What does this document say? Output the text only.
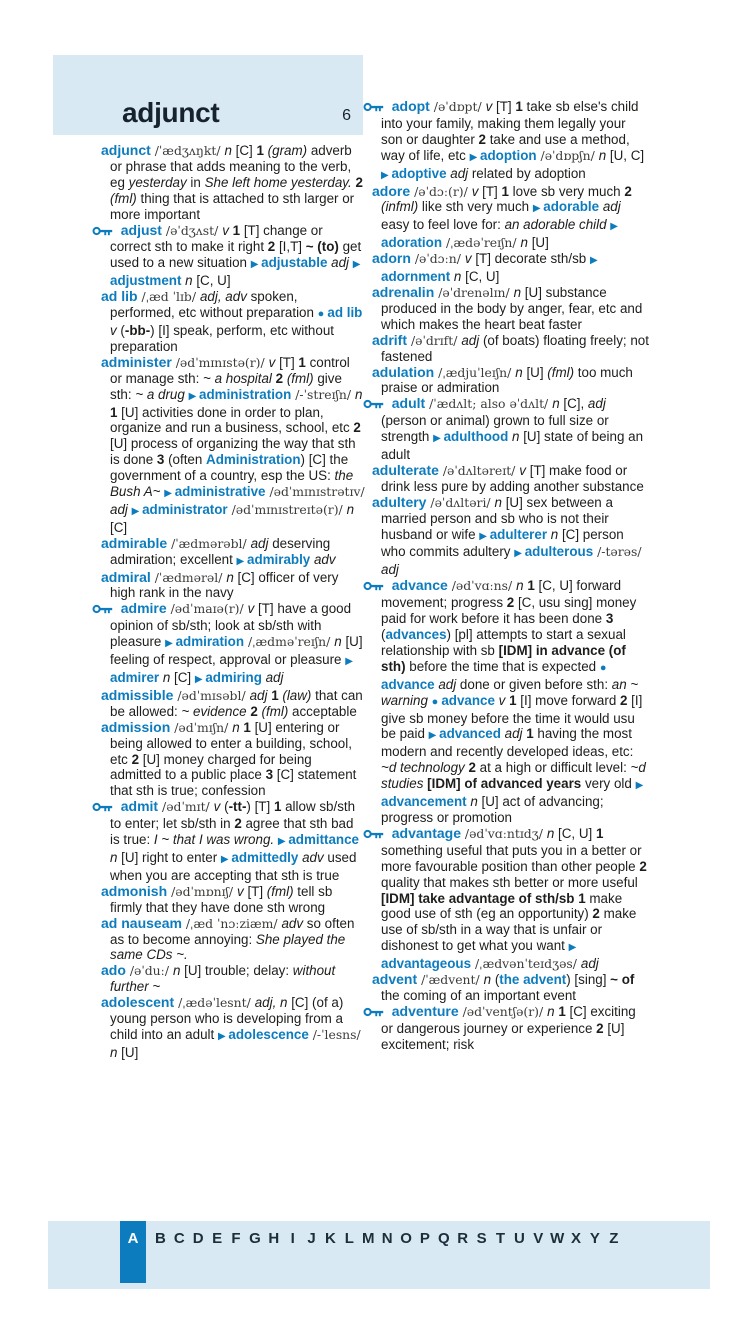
adjunct	6

adjunct /ˈædʒʌŋkt/ n [C] 1 (gram) adverb or phrase that adds meaning to the verb, eg yesterday in She left home yesterday. 2 (fml) thing that is attached to sth larger or more important

adjust /əˈdʒʌst/ v 1 [T] change or correct sth to make it right 2 [I,T] ~ (to) get used to a new situation ▶ adjustable adj ▶ adjustment n [C, U]

ad lib /ˌæd ˈlɪb/ adj, adv spoken, performed, etc without preparation ● ad lib v (-bb-) [I] speak, perform, etc without preparation

administer /ədˈmɪnɪstə(r)/ v [T] 1 control or manage sth: ~ a hospital 2 (fml) give sth: ~ a drug ▶ administration /-ˈstreɪʃn/ n 1 [U] activities done in order to plan, organize and run a business, school, etc 2 [U] process of organizing the way that sth is done 3 (often Administration) [C] the government of a country, esp the US: the Bush A~ ▶ administrative /ədˈmɪnɪstrətɪv/ adj ▶ administrator /ədˈmɪnɪstreɪtə(r)/ n [C]

admirable /ˈædmərəbl/ adj deserving admiration; excellent ▶ admirably adv

admiral /ˈædmərəl/ n [C] officer of very high rank in the navy

admire /ədˈmaɪə(r)/ v [T] have a good opinion of sb/sth; look at sb/sth with pleasure ▶ admiration /ˌædməˈreɪʃn/ n [U] feeling of respect, approval or pleasure ▶ admirer n [C] ▶ admiring adj

admissible /ədˈmɪsəbl/ adj 1 (law) that can be allowed: ~ evidence 2 (fml) acceptable

admission /ədˈmɪʃn/ n 1 [U] entering or being allowed to enter a building, school, etc 2 [U] money charged for being admitted to a public place 3 [C] statement that sth is true; confession

admit /ədˈmɪt/ v (-tt-) [T] 1 allow sb/sth to enter; let sb/sth in 2 agree that sth bad is true: I ~ that I was wrong. ▶ admittance n [U] right to enter ▶ admittedly adv used when you are accepting that sth is true

admonish /ədˈmɒnɪʃ/ v [T] (fml) tell sb firmly that they have done sth wrong

ad nauseam /ˌæd ˈnɔːziæm/ adv so often as to become annoying: She played the same CDs ~.

ado /əˈduː/ n [U] trouble; delay: without further ~

adolescent /ˌædəˈlesnt/ adj, n [C] (of a) young person who is developing from a child into an adult ▶ adolescence /-ˈlesns/ n [U]

adopt /əˈdɒpt/ v [T] 1 take sb else's child into your family, making them legally your son or daughter 2 take and use a method, way of life, etc ▶ adoption /əˈdɒpʃn/ n [U, C] ▶ adoptive adj related by adoption

adore /əˈdɔː(r)/ v [T] 1 love sb very much 2 (infml) like sth very much ▶ adorable adj easy to feel love for: an adorable child ▶ adoration /ˌædəˈreɪʃn/ n [U]

adorn /əˈdɔːn/ v [T] decorate sth/sb ▶ adornment n [C, U]

adrenalin /əˈdrenəlɪn/ n [U] substance produced in the body by anger, fear, etc and which makes the heart beat faster

adrift /əˈdrɪft/ adj (of boats) floating freely; not fastened

adulation /ˌædjuˈleɪʃn/ n [U] (fml) too much praise or admiration

adult /ˈædʌlt; also əˈdʌlt/ n [C], adj (person or animal) grown to full size or strength ▶ adulthood n [U] state of being an adult

adulterate /əˈdʌltəreɪt/ v [T] make food or drink less pure by adding another substance

adultery /əˈdʌltəri/ n [U] sex between a married person and sb who is not their husband or wife ▶ adulterer n [C] person who commits adultery ▶ adulterous /-tərəs/ adj

advance /ədˈvɑːns/ n 1 [C, U] forward movement; progress 2 [C, usu sing] money paid for work before it has been done 3 (advances) [pl] attempts to start a sexual relationship with sb [IDM] in advance (of sth) before the time that is expected ● advance adj done or given before sth: an ~ warning ● advance v 1 [I] move forward 2 [I] give sb money before the time it would usu be paid ▶ advanced adj 1 having the most modern and recently developed ideas, etc: ~d technology 2 at a high or difficult level: ~d studies [IDM] of advanced years very old ▶ advancement n [U] act of advancing; progress or promotion

advantage /ədˈvɑːntɪdʒ/ n [C, U] 1 something useful that puts you in a better or more favourable position than other people 2 quality that makes sth better or more useful [IDM] take advantage of sth/sb 1 make good use of sth (eg an opportunity) 2 make use of sb/sth in a way that is unfair or dishonest to get what you want ▶ advantageous /ˌædvənˈteɪdʒəs/ adj

advent /ˈædvent/ n (the advent) [sing] ~ of the coming of an important event

adventure /ədˈventʃə(r)/ n 1 [C] exciting or dangerous journey or experience 2 [U] excitement; risk

A	B C D E F G H I J K L M N O P Q R S T U V W X Y Z
